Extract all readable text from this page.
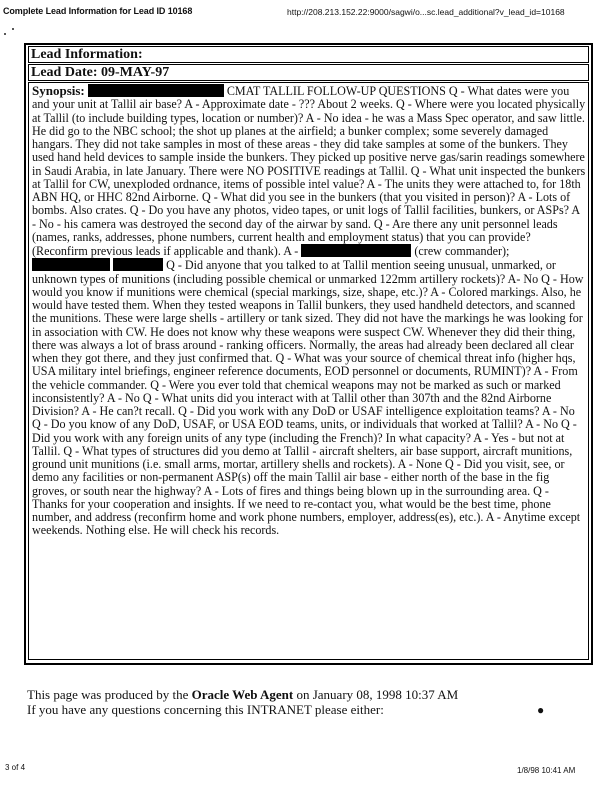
Complete Lead Information for Lead ID 10168	http://208.213.152.22:9000/sagwi/o...sc.lead_additional?v_lead_id=10168
Lead Information:
Lead Date: 09-MAY-97
Synopsis:	CMAT TALLIL FOLLOW-UP QUESTIONS Q - What dates were you and your unit at Tallil air base? A - Approximate date - ??? About 2 weeks. Q - Where were you located physically at Tallil (to include building types, location or number)? A - No idea - he was a Mass Spec operator, and saw little. He did go to the NBC school; the shot up planes at the airfield; a bunker complex; some severely damaged hangars. They did not take samples in most of these areas - they did take samples at some of the bunkers. They used hand held devices to sample inside the bunkers. They picked up positive nerve gas/sarin readings somewhere in Saudi Arabia, in late January. There were NO POSITIVE readings at Tallil. Q - What unit inspected the bunkers at Tallil for CW, unexploded ordnance, items of possible intel value? A - The units they were attached to, for 18th ABN HQ, or HHC 82nd Airborne. Q - What did you see in the bunkers (that you visited in person)? A - Lots of bombs. Also crates. Q - Do you have any photos, video tapes, or unit logs of Tallil facilities, bunkers, or ASPs? A - No - his camera was destroyed the second day of the airwar by sand. Q - Are there any unit personnel leads (names, ranks, addresses, phone numbers, current health and employment status) that you can provide? (Reconfirm previous leads if applicable and thank). A -	(crew commander);   Q - Did anyone that you talked to at Tallil mention seeing unusual, unmarked, or unknown types of munitions (including possible chemical or unmarked 122mm artillery rockets)? A- No Q - How would you know if munitions were chemical (special markings, size, shape, etc.)? A - Colored markings. Also, he would have tested them. When they tested weapons in Tallil bunkers, they used handheld detectors, and scanned the munitions. These were large shells - artillery or tank sized. They did not have the markings he was looking for in association with CW. He does not know why these weapons were suspect CW. Whenever they did their thing, there was always a lot of brass around - ranking officers. Normally, the areas had already been declared all clear when they got there, and they just confirmed that. Q - What was your source of chemical threat info (higher hqs, USA military intel briefings, engineer reference documents, EOD personnel or documents, RUMINT)? A - From the vehicle commander. Q - Were you ever told that chemical weapons may not be marked as such or marked inconsistently? A - No Q - What units did you interact with at Tallil other than 307th and the 82nd Airborne Division? A - He can?t recall. Q - Did you work with any DoD or USAF intelligence exploitation teams? A - No Q - Do you know of any DoD, USAF, or USA EOD teams, units, or individuals that worked at Tallil? A - No Q - Did you work with any foreign units of any type (including the French)? In what capacity? A - Yes - but not at Tallil. Q - What types of structures did you demo at Tallil - aircraft shelters, air base support, aircraft munitions, ground unit munitions (i.e. small arms, mortar, artillery shells and rockets). A - None Q - Did you visit, see, or demo any facilities or non-permanent ASP(s) off the main Tallil air base - either north of the base in the fig groves, or south near the highway? A - Lots of fires and things being blown up in the surrounding area. Q - Thanks for your cooperation and insights. If we need to re-contact you, what would be the best time, phone number, and address (reconfirm home and work phone numbers, employer, address(es), etc.). A - Anytime except weekends. Nothing else. He will check his records.
This page was produced by the Oracle Web Agent on January 08, 1998 10:37 AM
If you have any questions concerning this INTRANET please either:	●
3 of 4	1/8/98 10:41 AM
